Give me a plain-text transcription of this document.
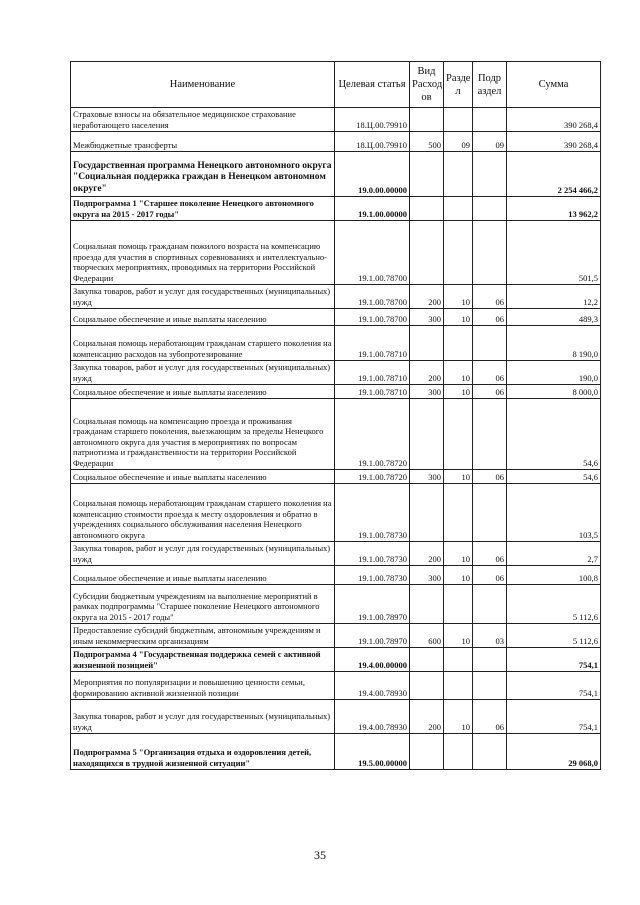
Наименование	Целевая статья	Вид Расход ов	Разде л	Подр аздел	Сумма
Страховые взносы на обязательное медицинское страхование неработающего населения	18.Ц.00.79910				390 268,4
Межбюджетные трансферты	18.Ц.00.79910	500	09	09	390 268,4
Государственная программа Ненецкого автономного округа "Социальная поддержка граждан в Ненецком автономном округе"	19.0.00.00000				2 254 466,2
Подпрограмма 1 "Старшее поколение Ненецкого автономного округа на 2015 - 2017 годы"	19.1.00.00000				13 962,2
Социальная помощь гражданам пожилого возраста на компенсацию проезда для участия в спортивных соревнованиях и интеллектуально-творческих мероприятиях, проводимых на территории Российской Федерации	19.1.00.78700				501,5
Закупка товаров, работ и услуг для государственных (муниципальных) нужд	19.1.00.78700	200	10	06	12,2
Социальное обеспечение и иные выплаты населению	19.1.00.78700	300	10	06	489,3
Социальная помощь неработающим гражданам старшего поколения на компенсацию расходов на зубопротезирование	19.1.00.78710				8 190,0
Закупка товаров, работ и услуг для государственных (муниципальных) нужд	19.1.00.78710	200	10	06	190,0
Социальное обеспечение и иные выплаты населению	19.1.00.78710	300	10	06	8 000,0
Социальная помощь на компенсацию проезда и проживания гражданам старшего поколения, выезжающим за пределы Ненецкого автономного округа для участия в мероприятиях по вопросам патриотизма и гражданственности на территории Российской Федерации	19.1.00.78720				54,6
Социальное обеспечение и иные выплаты населению	19.1.00.78720	300	10	06	54,6
Социальная помощь неработающим гражданам старшего поколения на компенсацию стоимости проезда к месту оздоровления и обратно в учреждениях социального обслуживания населения Ненецкого автономного округа	19.1.00.78730				103,5
Закупка товаров, работ и услуг для государственных (муниципальных) нужд	19.1.00.78730	200	10	06	2,7
Социальное обеспечение и иные выплаты населению	19.1.00.78730	300	10	06	100,8
Субсидии бюджетным учреждениям на выполнение мероприятий в рамках подпрограммы "Старшее поколение Ненецкого автономного округа на 2015 - 2017 годы"	19.1.00.78970				5 112,6
Предоставление субсидий бюджетным, автономным учреждениям и иным некоммерческим организациям	19.1.00.78970	600	10	03	5 112,6
Подпрограмма 4 "Государственная поддержка семей с активной жизненной позицией"	19.4.00.00000				754,1
Мероприятия по популяризации и повышению ценности семьи, формированию активной жизненной позиции	19.4.00.78930				754,1
Закупка товаров, работ и услуг для государственных (муниципальных) нужд	19.4.00.78930	200	10	06	754,1
Подпрограмма 5 "Организация отдыха и оздоровления детей, находящихся в трудной жизненной ситуации"	19.5.00.00000				29 068,0
35
